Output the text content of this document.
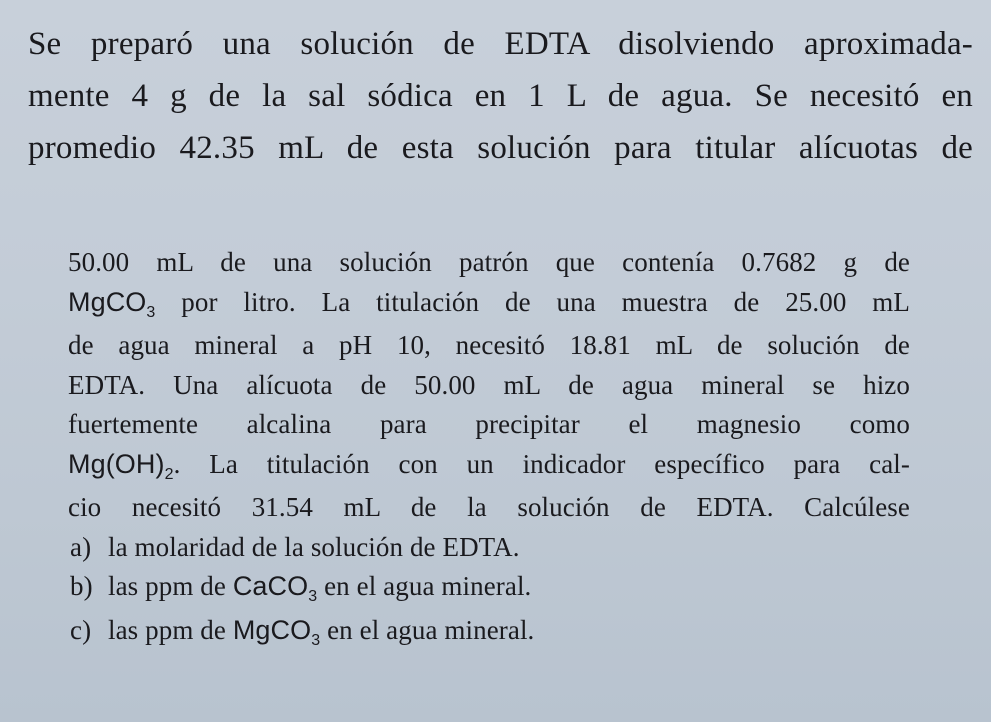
Se preparó una solución de EDTA disolviendo aproximada-
mente 4 g de la sal sódica en 1 L de agua. Se necesitó en
promedio 42.35 mL de esta solución para titular alícuotas de
50.00 mL de una solución patrón que contenía 0.7682 g de
MgCO$_3$ por litro. La titulación de una muestra de 25.00 mL
de agua mineral a pH 10, necesitó 18.81 mL de solución de
EDTA. Una alícuota de 50.00 mL de agua mineral se hizo
fuertemente alcalina para precipitar el magnesio como
$Mg(OH)_2$. La titulación con un indicador específico para cal-
cio necesitó 31.54 mL de la solución de EDTA. Calcúlese
a) la molaridad de la solución de EDTA.
b) las ppm de CaCO$_3$ en el agua mineral.
c) las ppm de MgCO$_3$ en el agua mineral.
